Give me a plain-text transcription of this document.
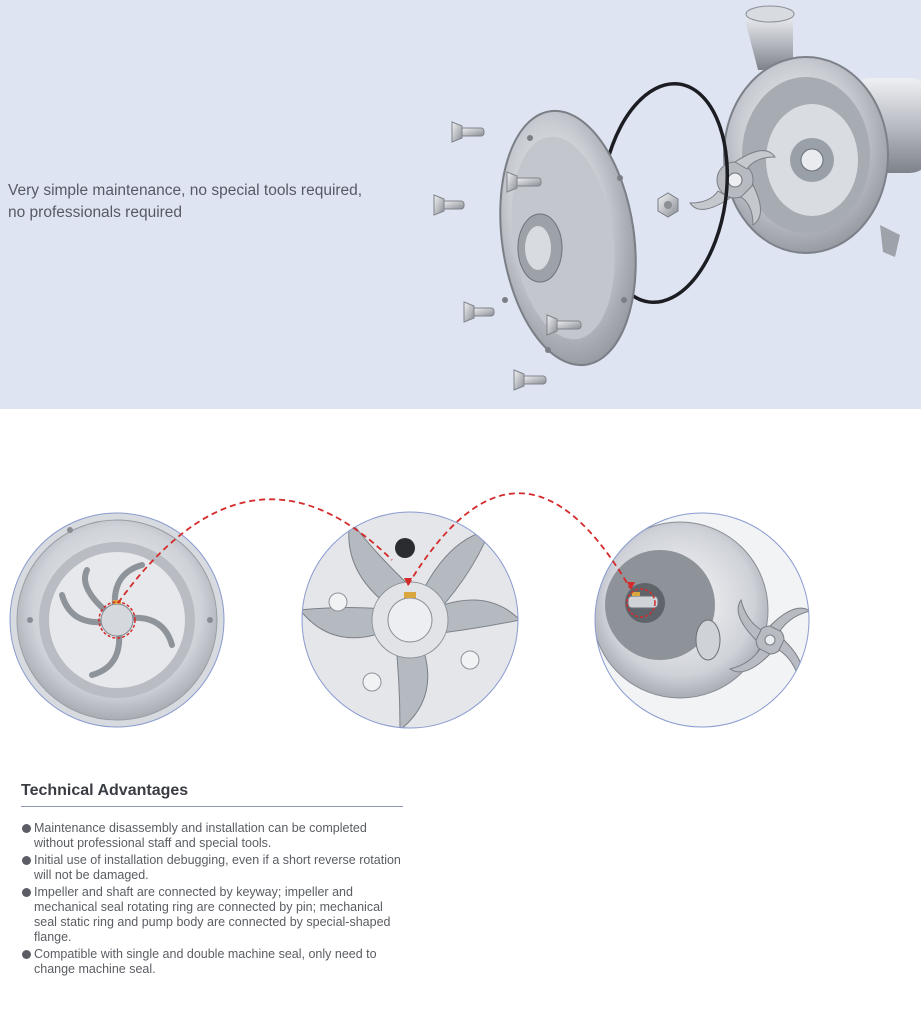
Very simple maintenance, no special tools required,
no professionals required
Technical Advantages
Maintenance disassembly and installation can be completed without professional staff and special tools.
Initial use of installation debugging, even if a short reverse rotation will not be damaged.
Impeller and shaft are connected by keyway; impeller and mechanical seal rotating ring are connected by pin; mechanical seal static ring and pump body are connected by special-shaped flange.
Compatible with single and double machine seal, only need to change machine seal.
